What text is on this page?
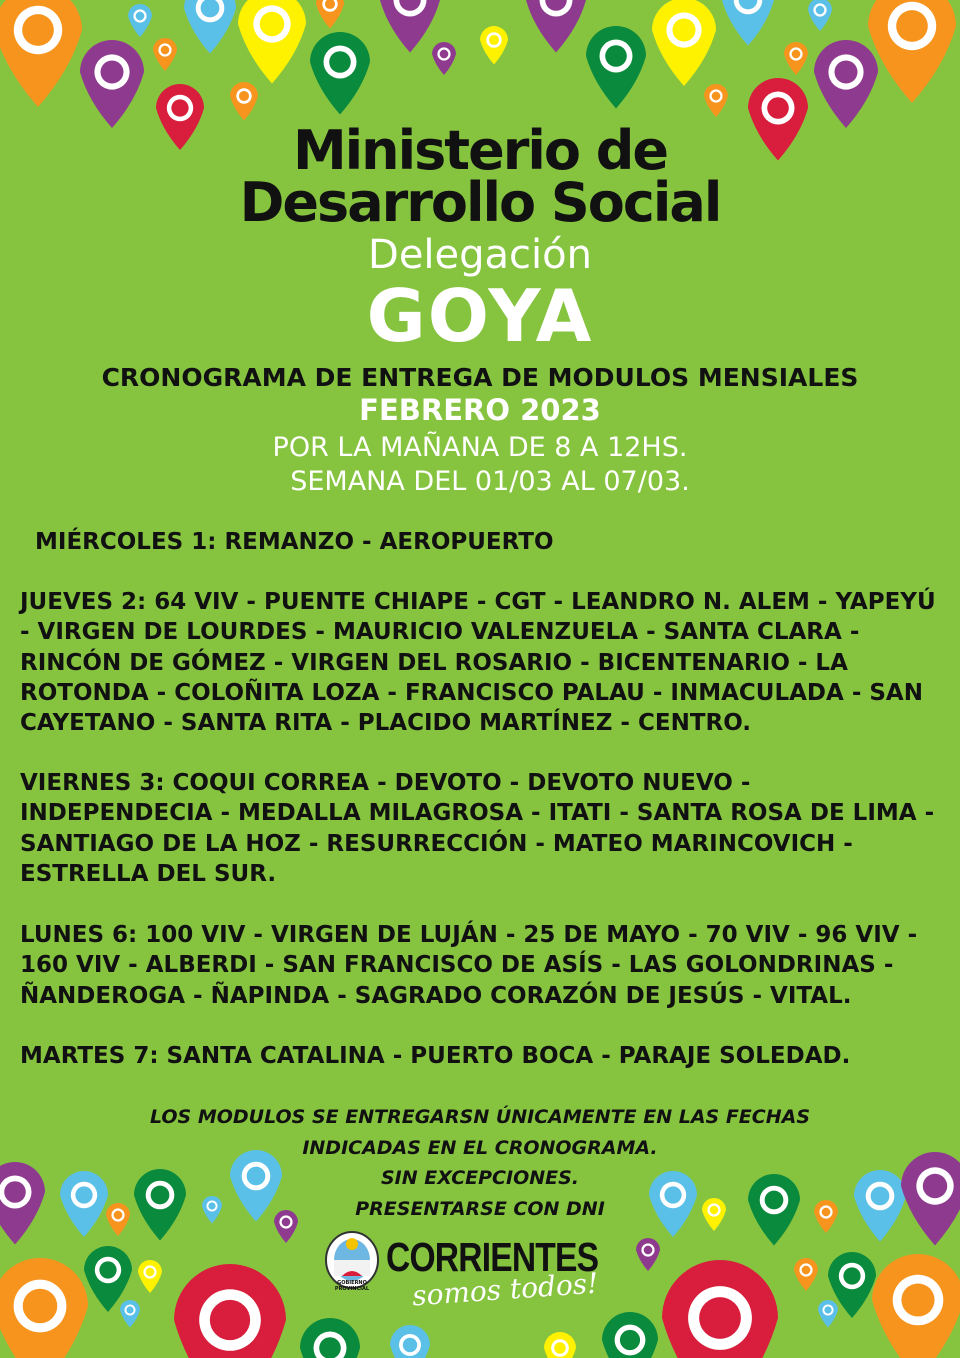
Ministerio de
Desarrollo Social
Delegación
GOYA
CRONOGRAMA DE ENTREGA DE MODULOS MENSIALES
FEBRERO 2023
POR LA MAÑANA DE 8 A 12HS.
SEMANA DEL 01/03 AL 07/03.
MIÉRCOLES 1: REMANZO - AEROPUERTO
JUEVES 2: 64 VIV - PUENTE CHIAPE - CGT - LEANDRO N. ALEM - YAPEYÚ - VIRGEN DE LOURDES - MAURICIO VALENZUELA - SANTA CLARA - RINCÓN DE GÓMEZ - VIRGEN DEL ROSARIO - BICENTENARIO - LA ROTONDA - COLOÑITA LOZA - FRANCISCO PALAU - INMACULADA - SAN CAYETANO - SANTA RITA - PLACIDO MARTÍNEZ - CENTRO.
VIERNES 3: COQUI CORREA - DEVOTO - DEVOTO NUEVO - INDEPENDECIA - MEDALLA MILAGROSA - ITATI - SANTA ROSA DE LIMA - SANTIAGO DE LA HOZ - RESURRECCIÓN - MATEO MARINCOVICH - ESTRELLA DEL SUR.
LUNES 6: 100 VIV - VIRGEN DE LUJÁN - 25 DE MAYO - 70 VIV - 96 VIV - 160 VIV - ALBERDI - SAN FRANCISCO DE ASÍS - LAS GOLONDRINAS - ÑANDEROGA - ÑAPINDA - SAGRADO CORAZÓN DE JESÚS - VITAL.
MARTES 7: SANTA CATALINA - PUERTO BOCA - PARAJE SOLEDAD.
LOS MODULOS SE ENTREGARSN ÚNICAMENTE EN LAS FECHAS
INDICADAS EN EL CRONOGRAMA.
SIN EXCEPCIONES.
PRESENTARSE CON DNI
GOBIERNO PROVINCIAL
CORRIENTES
somos todos!
